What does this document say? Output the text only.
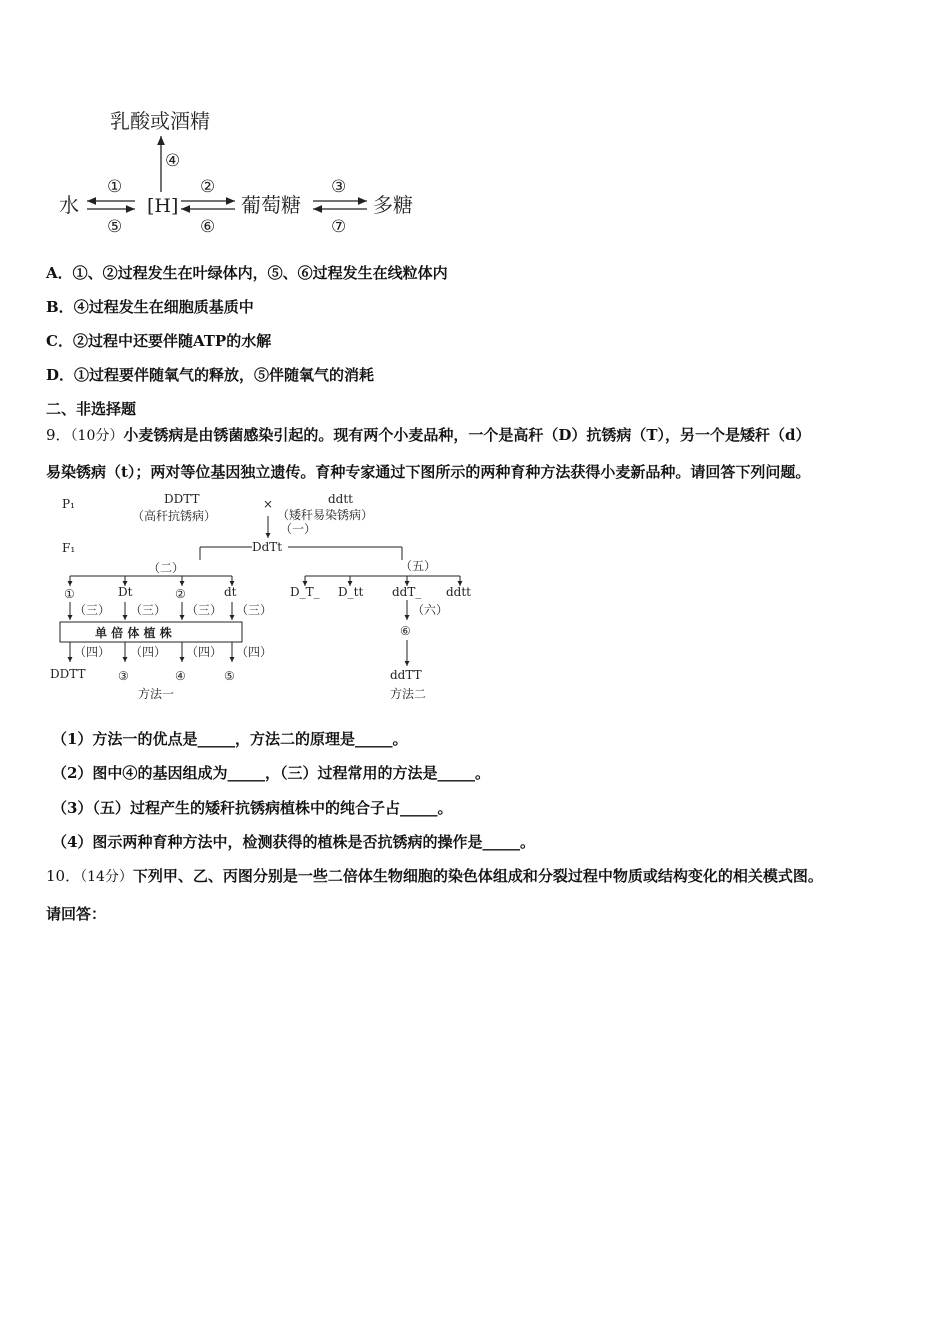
乳酸或酒精
④
水
①
⑤
[H]
②
⑥
葡萄糖
③
⑦
多糖
A．①、②过程发生在叶绿体内，⑤、⑥过程发生在线粒体内
B．④过程发生在细胞质基质中
C．②过程中还要伴随ATP的水解
D．①过程要伴随氧气的释放，⑤伴随氧气的消耗
二、非选择题
9．（10分）小麦锈病是由锈菌感染引起的。现有两个小麦品种，一个是高秆（D）抗锈病（T），另一个是矮秆（d）
易染锈病（t）；两对等位基因独立遗传。育种专家通过下图所示的两种育种方法获得小麦新品种。请回答下列问题。
P₁
F₁
DDTT
（高秆抗锈病）
×	ddtt
（矮秆易染锈病）
（一）
DdTt
（二）
①	Dt	②	dt
（三） （三） （三） （三）
单 倍 体 植 株
（四） （四） （四） （四）
DDTT	③	④	⑤
方法一
（五）
D_T_ D_tt ddT_ ddtt
（六）
⑥
ddTT
方法二
（1）方法一的优点是_____，方法二的原理是_____。
（2）图中④的基因组成为_____，（三）过程常用的方法是_____。
（3）（五）过程产生的矮秆抗锈病植株中的纯合子占_____。
（4）图示两种育种方法中，检测获得的植株是否抗锈病的操作是_____。
10．（14分）下列甲、乙、丙图分别是一些二倍体生物细胞的染色体组成和分裂过程中物质或结构变化的相关模式图。
请回答：
